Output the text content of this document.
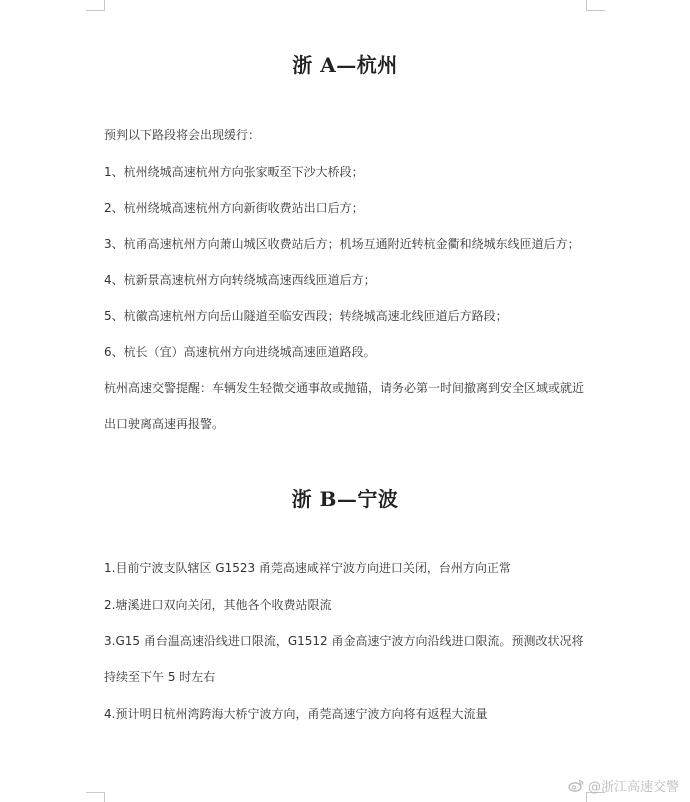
浙 A—杭州
预判以下路段将会出现缓行：
1、杭州绕城高速杭州方向张家畈至下沙大桥段；
2、杭州绕城高速杭州方向新街收费站出口后方；
3、杭甬高速杭州方向萧山城区收费站后方；机场互通附近转杭金衢和绕城东线匝道后方；
4、杭新景高速杭州方向转绕城高速西线匝道后方；
5、杭徽高速杭州方向岳山隧道至临安西段；转绕城高速北线匝道后方路段；
6、杭长（宜）高速杭州方向进绕城高速匝道路段。
杭州高速交警提醒：车辆发生轻微交通事故或抛锚，请务必第一时间撤离到安全区域或就近
出口驶离高速再报警。
浙 B—宁波
1.目前宁波支队辖区 G1523 甬莞高速咸祥宁波方向进口关闭，台州方向正常
2.塘溪进口双向关闭，其他各个收费站限流
3.G15 甬台温高速沿线进口限流，G1512 甬金高速宁波方向沿线进口限流。预测改状况将
持续至下午 5 时左右
4.预计明日杭州湾跨海大桥宁波方向，甬莞高速宁波方向将有返程大流量
@浙江高速交警
